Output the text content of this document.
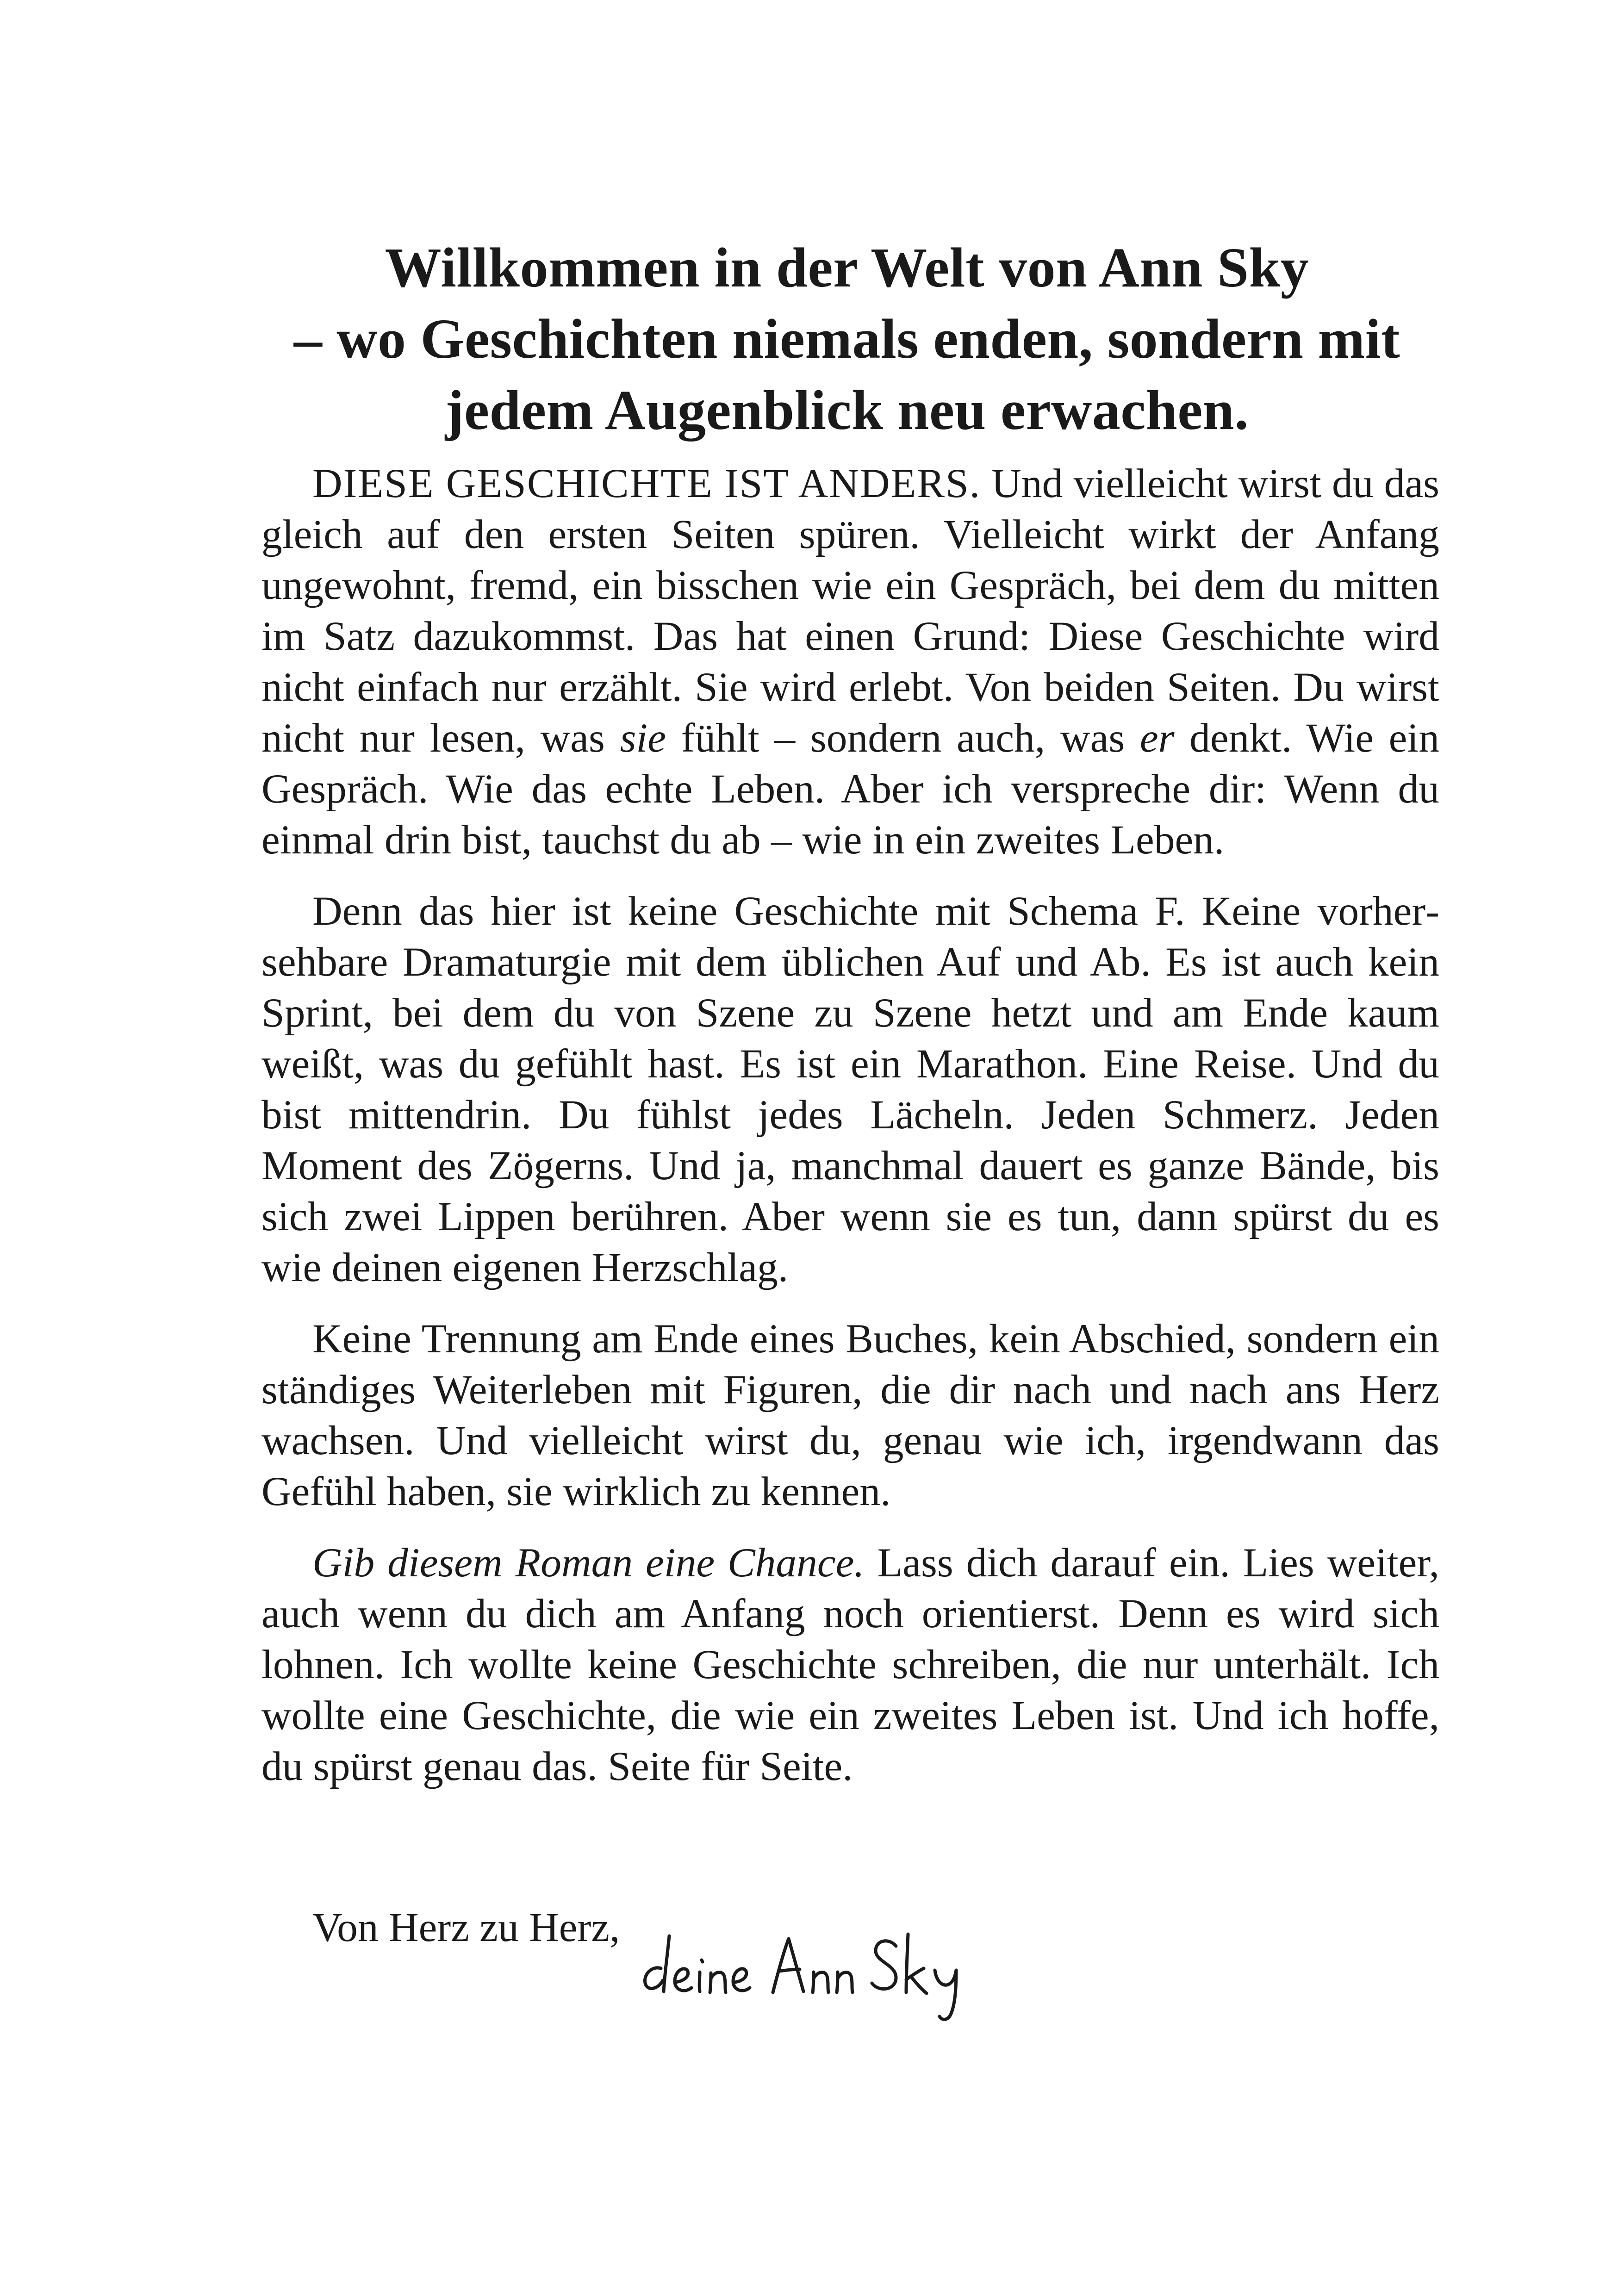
Willkommen in der Welt von Ann Sky
– wo Geschichten niemals enden, sondern mit
jedem Augenblick neu erwachen.

DIESE GESCHICHTE IST ANDERS. Und vielleicht wirst du das gleich auf den ersten Seiten spüren. Vielleicht wirkt der Anfang ungewohnt, fremd, ein bisschen wie ein Gespräch, bei dem du mitten im Satz dazukommst. Das hat einen Grund: Diese Geschichte wird nicht einfach nur erzählt. Sie wird erlebt. Von beiden Seiten. Du wirst nicht nur lesen, was sie fühlt – sondern auch, was er denkt. Wie ein Gespräch. Wie das echte Leben. Aber ich verspreche dir: Wenn du einmal drin bist, tauchst du ab – wie in ein zweites Leben.

Denn das hier ist keine Geschichte mit Schema F. Keine vorhersehbare Dramaturgie mit dem üblichen Auf und Ab. Es ist auch kein Sprint, bei dem du von Szene zu Szene hetzt und am Ende kaum weißt, was du gefühlt hast. Es ist ein Marathon. Eine Reise. Und du bist mittendrin. Du fühlst jedes Lächeln. Jeden Schmerz. Jeden Moment des Zögerns. Und ja, manchmal dauert es ganze Bände, bis sich zwei Lippen berühren. Aber wenn sie es tun, dann spürst du es wie deinen eigenen Herzschlag.

Keine Trennung am Ende eines Buches, kein Abschied, sondern ein ständiges Weiterleben mit Figuren, die dir nach und nach ans Herz wachsen. Und vielleicht wirst du, genau wie ich, irgendwann das Gefühl haben, sie wirklich zu kennen.

Gib diesem Roman eine Chance. Lass dich darauf ein. Lies weiter, auch wenn du dich am Anfang noch orientierst. Denn es wird sich lohnen. Ich wollte keine Geschichte schreiben, die nur unterhält. Ich wollte eine Geschichte, die wie ein zweites Leben ist. Und ich hoffe, du spürst genau das. Seite für Seite.

Von Herz zu Herz,
